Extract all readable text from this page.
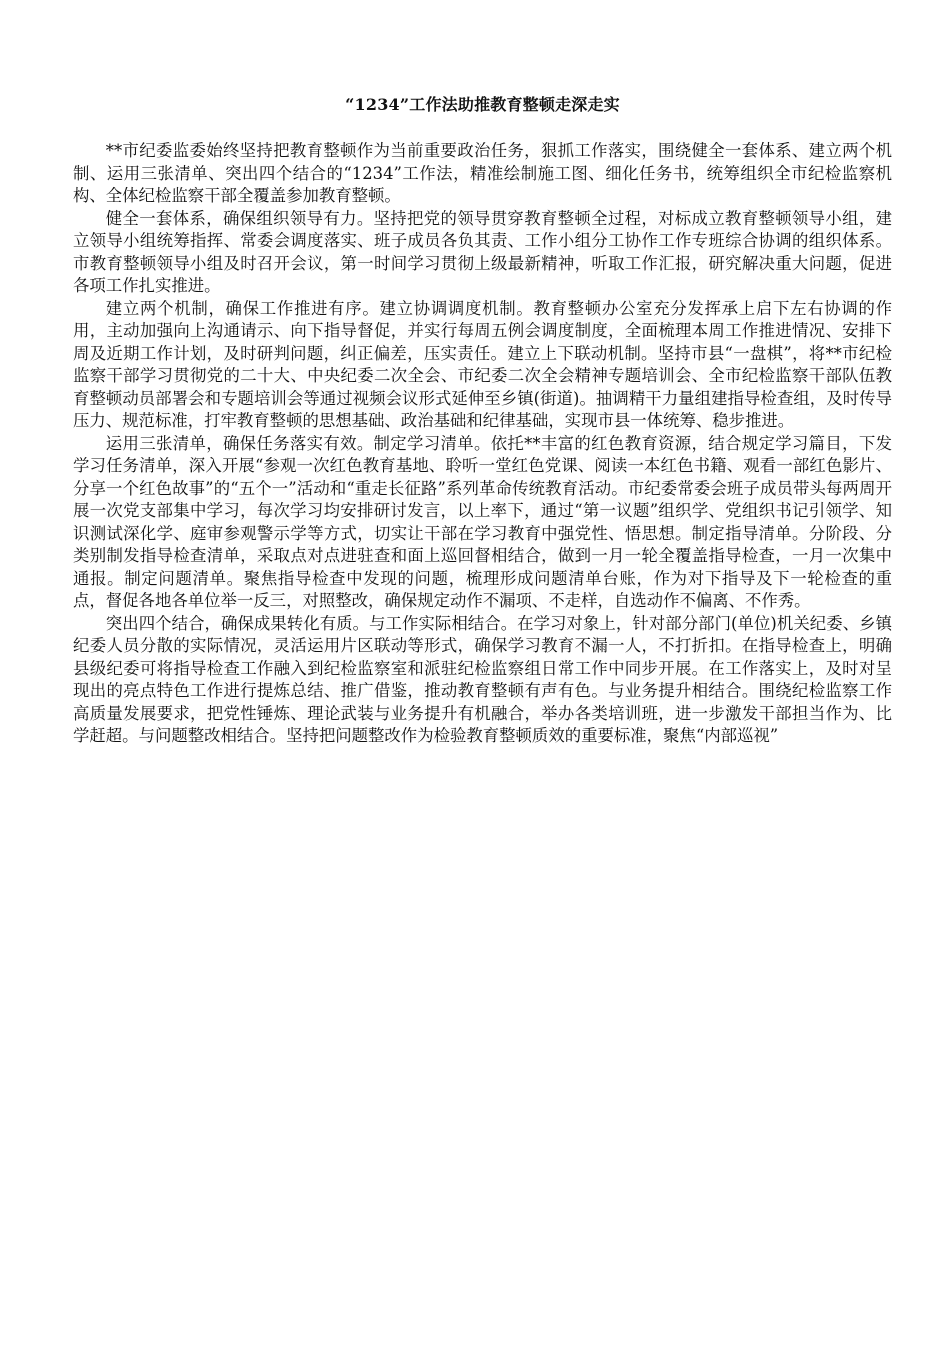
“1234”工作法助推教育整顿走深走实

**市纪委监委始终坚持把教育整顿作为当前重要政治任务，狠抓工作落实，围绕健全一套体系、建立两个机制、运用三张清单、突出四个结合的“1234”工作法，精准绘制施工图、细化任务书，统筹组织全市纪检监察机构、全体纪检监察干部全覆盖参加教育整顿。

健全一套体系，确保组织领导有力。坚持把党的领导贯穿教育整顿全过程，对标成立教育整顿领导小组，建立领导小组统筹指挥、常委会调度落实、班子成员各负其责、工作小组分工协作工作专班综合协调的组织体系。市教育整顿领导小组及时召开会议，第一时间学习贯彻上级最新精神，听取工作汇报，研究解决重大问题，促进各项工作扎实推进。

建立两个机制，确保工作推进有序。建立协调调度机制。教育整顿办公室充分发挥承上启下左右协调的作用，主动加强向上沟通请示、向下指导督促，并实行每周五例会调度制度，全面梳理本周工作推进情况、安排下周及近期工作计划，及时研判问题，纠正偏差，压实责任。建立上下联动机制。坚持市县“一盘棋”，将**市纪检监察干部学习贯彻党的二十大、中央纪委二次全会、市纪委二次全会精神专题培训会、全市纪检监察干部队伍教育整顿动员部署会和专题培训会等通过视频会议形式延伸至乡镇(街道)。抽调精干力量组建指导检查组，及时传导压力、规范标准，打牢教育整顿的思想基础、政治基础和纪律基础，实现市县一体统筹、稳步推进。

运用三张清单，确保任务落实有效。制定学习清单。依托**丰富的红色教育资源，结合规定学习篇目，下发学习任务清单，深入开展“参观一次红色教育基地、聆听一堂红色党课、阅读一本红色书籍、观看一部红色影片、分享一个红色故事”的“五个一”活动和“重走长征路”系列革命传统教育活动。市纪委常委会班子成员带头每两周开展一次党支部集中学习，每次学习均安排研讨发言，以上率下，通过“第一议题”组织学、党组织书记引领学、知识测试深化学、庭审参观警示学等方式，切实让干部在学习教育中强党性、悟思想。制定指导清单。分阶段、分类别制发指导检查清单，采取点对点进驻查和面上巡回督相结合，做到一月一轮全覆盖指导检查，一月一次集中通报。制定问题清单。聚焦指导检查中发现的问题，梳理形成问题清单台账，作为对下指导及下一轮检查的重点，督促各地各单位举一反三，对照整改，确保规定动作不漏项、不走样，自选动作不偏离、不作秀。

突出四个结合，确保成果转化有质。与工作实际相结合。在学习对象上，针对部分部门(单位)机关纪委、乡镇纪委人员分散的实际情况，灵活运用片区联动等形式，确保学习教育不漏一人，不打折扣。在指导检查上，明确县级纪委可将指导检查工作融入到纪检监察室和派驻纪检监察组日常工作中同步开展。在工作落实上，及时对呈现出的亮点特色工作进行提炼总结、推广借鉴，推动教育整顿有声有色。与业务提升相结合。围绕纪检监察工作高质量发展要求，把党性锤炼、理论武装与业务提升有机融合，举办各类培训班，进一步激发干部担当作为、比学赶超。与问题整改相结合。坚持把问题整改作为检验教育整顿质效的重要标准，聚焦“内部巡视”
